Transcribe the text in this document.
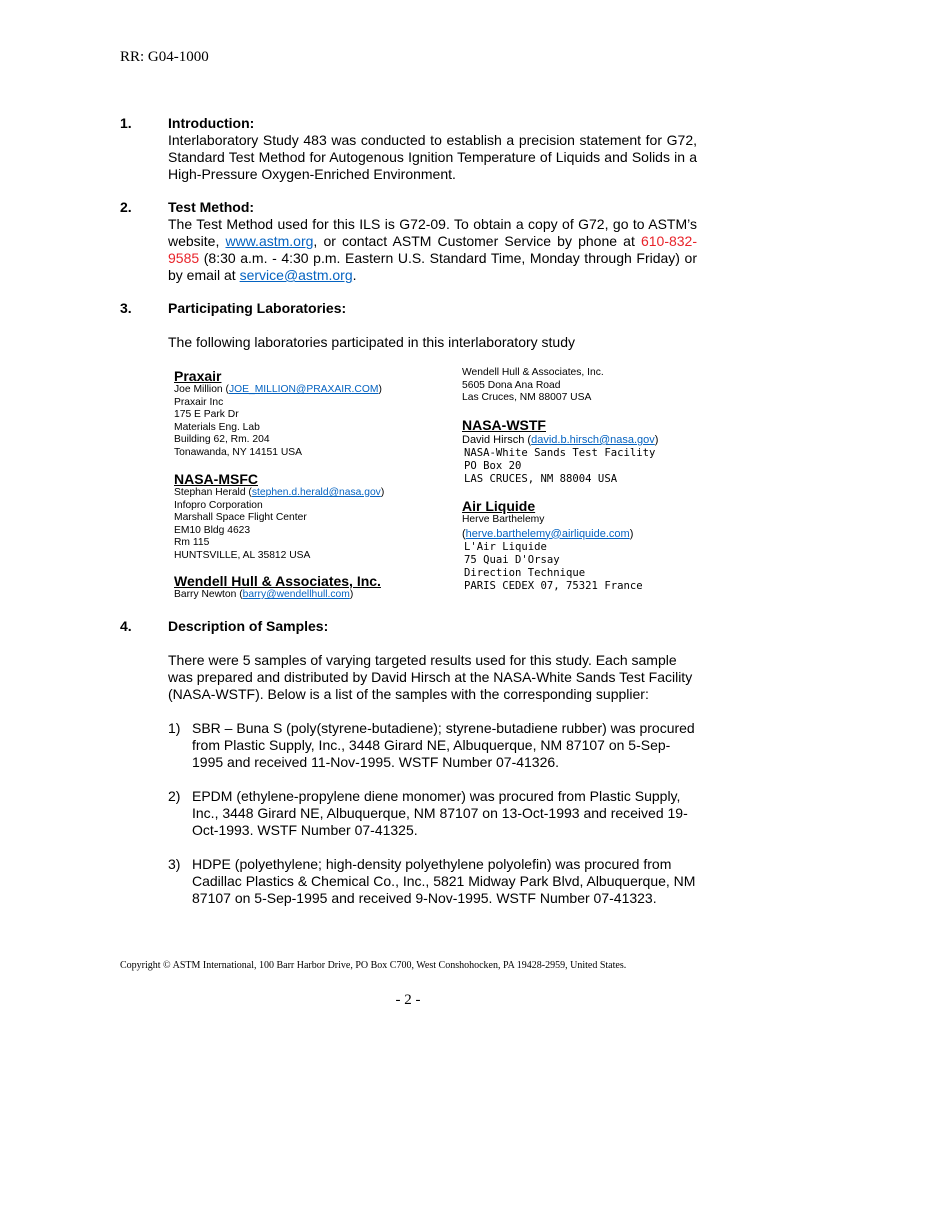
RR: G04-1000
1.	Introduction:
Interlaboratory Study 483 was conducted to establish a precision statement for G72, Standard Test Method for Autogenous Ignition Temperature of Liquids and Solids in a High-Pressure Oxygen-Enriched Environment.
2.	Test Method:
The Test Method used for this ILS is G72-09. To obtain a copy of G72, go to ASTM’s website, www.astm.org, or contact ASTM Customer Service by phone at 610-832-9585 (8:30 a.m. - 4:30 p.m. Eastern U.S. Standard Time, Monday through Friday) or by email at service@astm.org.
3.	Participating Laboratories:
The following laboratories participated in this interlaboratory study
Praxair
Joe Million (JOE_MILLION@PRAXAIR.COM)
Praxair Inc
175 E Park Dr
Materials Eng. Lab
Building 62, Rm. 204
Tonawanda, NY 14151 USA
NASA-MSFC
Stephan Herald (stephen.d.herald@nasa.gov)
Infopro Corporation
Marshall Space Flight Center
EM10 Bldg 4623
Rm 115
HUNTSVILLE, AL 35812 USA
Wendell Hull & Associates, Inc.
Barry Newton (barry@wendellhull.com)
Wendell Hull & Associates, Inc.
5605 Dona Ana Road
Las Cruces, NM 88007 USA
NASA-WSTF
David Hirsch (david.b.hirsch@nasa.gov)
NASA-White Sands Test Facility
PO Box 20
LAS CRUCES, NM 88004 USA
Air Liquide
Herve Barthelemy
(herve.barthelemy@airliquide.com)
L'Air Liquide
75 Quai D'Orsay
Direction Technique
PARIS CEDEX 07, 75321 France
4.	Description of Samples:
There were 5 samples of varying targeted results used for this study. Each sample was prepared and distributed by David Hirsch at the NASA-White Sands Test Facility (NASA-WSTF). Below is a list of the samples with the corresponding supplier:
1) SBR – Buna S (poly(styrene-butadiene); styrene-butadiene rubber) was procured from Plastic Supply, Inc., 3448 Girard NE, Albuquerque, NM 87107 on 5-Sep-1995 and received 11-Nov-1995. WSTF Number 07-41326.
2) EPDM (ethylene-propylene diene monomer) was procured from Plastic Supply, Inc., 3448 Girard NE, Albuquerque, NM 87107 on 13-Oct-1993 and received 19-Oct-1993. WSTF Number 07-41325.
3) HDPE (polyethylene; high-density polyethylene polyolefin) was procured from Cadillac Plastics & Chemical Co., Inc., 5821 Midway Park Blvd, Albuquerque, NM 87107 on 5-Sep-1995 and received 9-Nov-1995. WSTF Number 07-41323.
Copyright © ASTM International, 100 Barr Harbor Drive, PO Box C700, West Conshohocken, PA 19428-2959, United States.
- 2 -
